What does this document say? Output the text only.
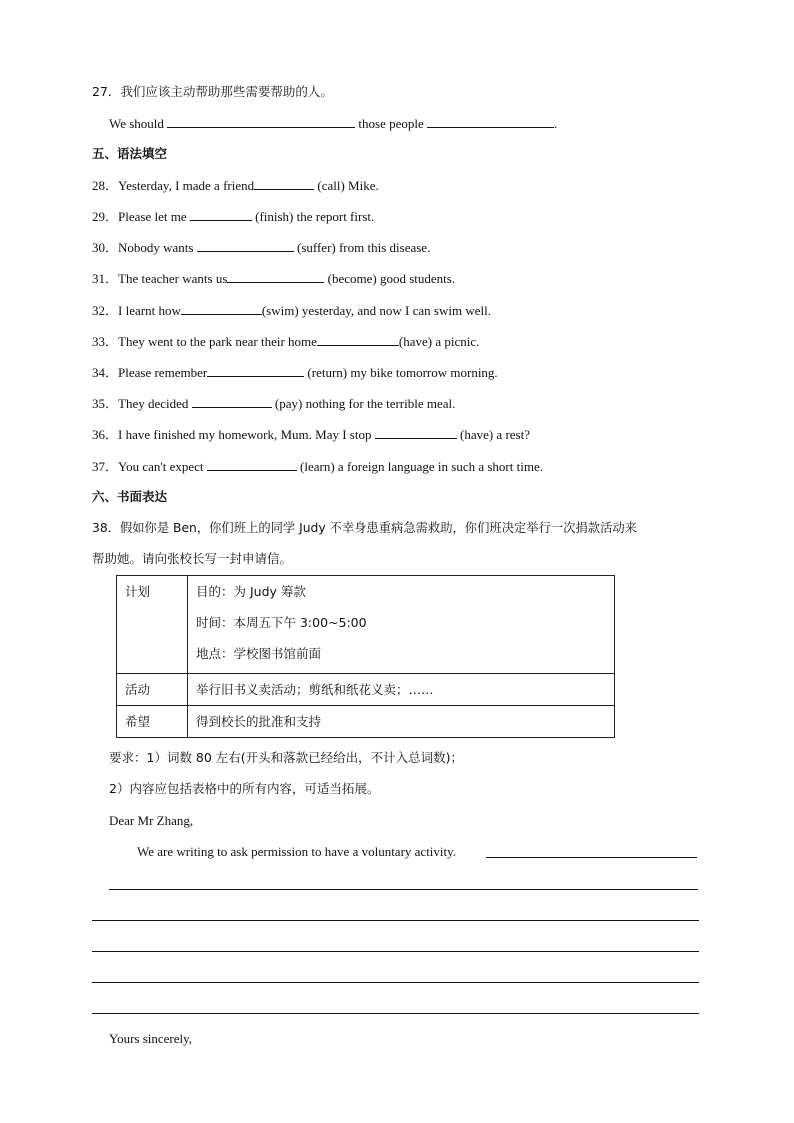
27．我们应该主动帮助那些需要帮助的人。
We should	those people	.
五、语法填空
28．Yesterday, I made a friend	(call) Mike.
29．Please let me	(finish) the report first.
30．Nobody wants	(suffer) from this disease.
31．The teacher wants us	(become) good students.
32．I learnt how	(swim) yesterday, and now I can swim well.
33．They went to the park near their home	(have) a picnic.
34．Please remember	(return) my bike tomorrow morning.
35．They decided	(pay) nothing for the terrible meal.
36．I have finished my homework, Mum. May I stop	(have) a rest?
37．You can't expect	(learn) a foreign language in such a short time.
六、书面表达
38．假如你是 Ben，你们班上的同学 Judy 不幸身患重病急需救助，你们班决定举行一次捐款活动来
帮助她。请向张校长写一封申请信。
计划	目的：为 Judy 筹款
时间：本周五下午 3:00~5:00
地点：学校图书馆前面

活动	举行旧书义卖活动；剪纸和纸花义卖；……

希望	得到校长的批准和支持
要求：1）词数 80 左右(开头和落款已经给出，不计入总词数)；
2）内容应包括表格中的所有内容，可适当拓展。
Dear Mr Zhang,
We are writing to ask permission to have a voluntary activity.
Yours sincerely,
